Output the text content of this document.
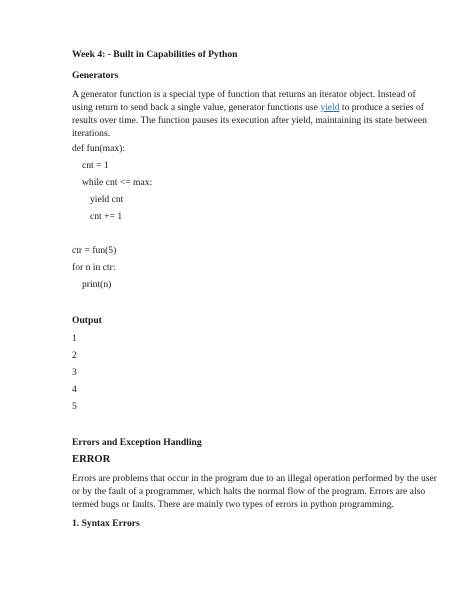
Week 4: - Built in Capabilities of Python
Generators
A generator function is a special type of function that returns an iterator object. Instead of
using return to send back a single value, generator functions use yield to produce a series of
results over time. The function pauses its execution after yield, maintaining its state between
iterations.
def fun(max):
cnt = 1
while cnt <= max:
yield cnt
cnt += 1
ctr = fun(5)
for n in ctr:
print(n)
Output
1
2
3
4
5
Errors and Exception Handling
ERROR
Errors are problems that occur in the program due to an illegal operation performed by the user
or by the fault of a programmer, which halts the normal flow of the program. Errors are also
termed bugs or faults. There are mainly two types of errors in python programming.
1. Syntax Errors
